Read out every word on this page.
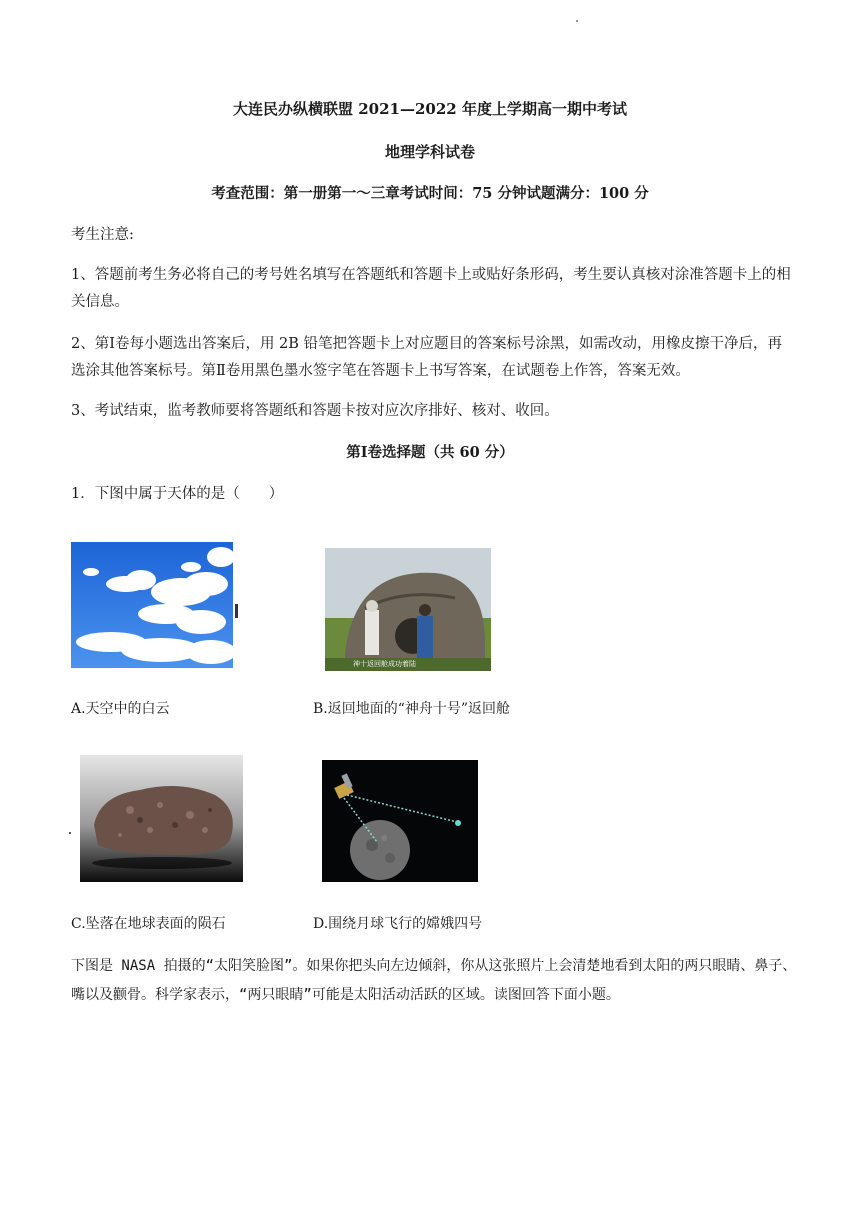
大连民办纵横联盟 2021—2022 年度上学期高一期中考试
地理学科试卷
考查范围：第一册第一～三章考试时间：75 分钟试题满分：100 分
考生注意:
1、答题前考生务必将自己的考号姓名填写在答题纸和答题卡上或贴好条形码，考生要认真核对涂准答题卡上的相关信息。
2、第Ⅰ卷每小题选出答案后，用 2B 铅笔把答题卡上对应题目的答案标号涂黑，如需改动，用橡皮擦干净后，再选涂其他答案标号。第Ⅱ卷用黑色墨水签字笔在答题卡上书写答案，在试题卷上作答，答案无效。
3、考试结束，监考教师要将答题纸和答题卡按对应次序排好、核对、收回。
第Ⅰ卷选择题（共 60 分）
1．下图中属于天体的是（　　）
神十返回舱成功着陆
A.天空中的白云	B.返回地面的“神舟十号”返回舱
C.坠落在地球表面的陨石	D.围绕月球飞行的嫦娥四号
下图是 NASA 拍摄的“太阳笑脸图”。如果你把头向左边倾斜，你从这张照片上会清楚地看到太阳的两只眼睛、鼻子、嘴以及颧骨。科学家表示，“两只眼睛”可能是太阳活动活跃的区域。读图回答下面小题。
